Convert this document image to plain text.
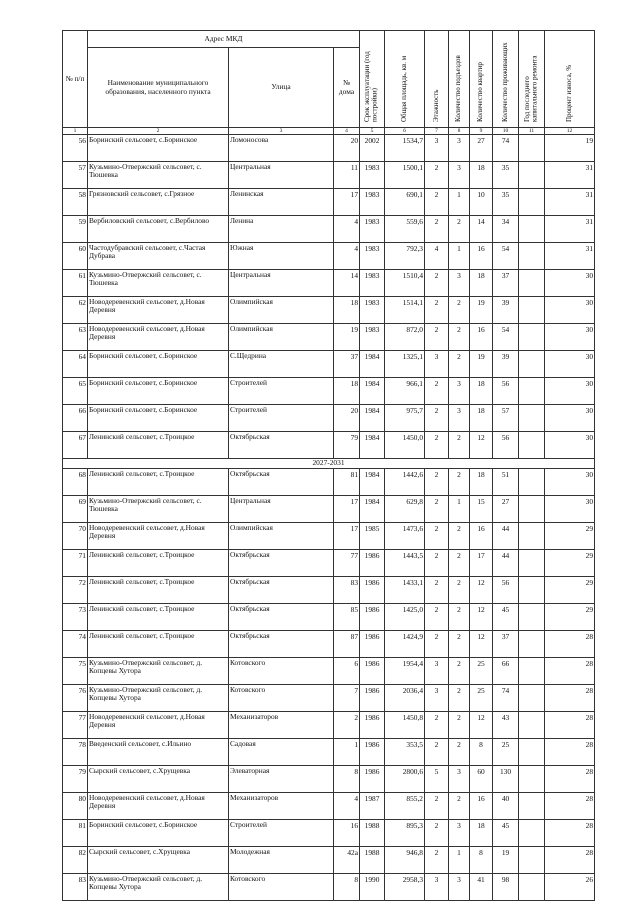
№ п/п	Адрес МКД			Срок эксплуатации (год постройки)	Общая площадь, кв. м	Этажность	Количество подъездов	Количество квартир	Количество проживающих	Год последнего капитального ремонта	Процент износа, %

	Наименование муниципального образования, населенного пункта	Улица	№ дома								
1	2	3	4	5	6	7	8	9	10	11	12
56	Боринский сельсовет, с.Боринское	Ломоносова	20	2002	1534,7	3	3	27	74		19
57	Кузьмино-Отвержский сельсовет, с. Тюшевка	Центральная	11	1983	1500,1	2	3	18	35		31
58	Грязновский сельсовет, с.Грязное	Ленинская	17	1983	690,1	2	1	10	35		31
59	Вербиловский сельсовет, с.Вербилово	Ленина	4	1983	559,6	2	2	14	34		31
60	Частодубравский сельсовет, с.Частая Дубрава	Южная	4	1983	792,3	4	1	16	54		31
61	Кузьмино-Отвержский сельсовет, с. Тюшевка	Центральная	14	1983	1510,4	2	3	18	37		30
62	Новодеревенский сельсовет, д.Новая Деревня	Олимпийская	18	1983	1514,1	2	2	19	39		30
63	Новодеревенский сельсовет, д.Новая Деревня	Олимпийская	19	1983	872,0	2	2	16	54		30
64	Боринский сельсовет, с.Боринское	С.Щедрина	37	1984	1325,1	3	2	19	39		30
65	Боринский сельсовет, с.Боринское	Строителей	18	1984	966,1	2	3	18	56		30
66	Боринский сельсовет, с.Боринское	Строителей	20	1984	975,7	2	3	18	57		30
67	Ленинский сельсовет, с.Троицкое	Октябрьская	79	1984	1450,0	2	2	12	56		30
2027-2031											
68	Ленинский сельсовет, с.Троицкое	Октябрьская	81	1984	1442,6	2	2	18	51		30
69	Кузьмино-Отвержский сельсовет, с. Тюшевка	Центральная	17	1984	629,8	2	1	15	27		30
70	Новодеревенский сельсовет, д.Новая Деревня	Олимпийская	17	1985	1473,6	2	2	16	44		29
71	Ленинский сельсовет, с.Троицкое	Октябрьская	77	1986	1443,5	2	2	17	44		29
72	Ленинский сельсовет, с.Троицкое	Октябрьская	83	1986	1433,1	2	2	12	56		29
73	Ленинский сельсовет, с.Троицкое	Октябрьская	85	1986	1425,0	2	2	12	45		29
74	Ленинский сельсовет, с.Троицкое	Октябрьская	87	1986	1424,9	2	2	12	37		28
75	Кузьмино-Отвержский сельсовет, д. Копцевы Хутора	Котовского	6	1986	1954,4	3	2	25	66		28
76	Кузьмино-Отвержский сельсовет, д. Копцевы Хутора	Котовского	7	1986	2036,4	3	2	25	74		28
77	Новодеревенский сельсовет, д.Новая Деревня	Механизаторов	2	1986	1450,8	2	2	12	43		28
78	Введенский сельсовет, с.Ильино	Садовая	1	1986	353,5	2	2	8	25		28
79	Сырский сельсовет, с.Хрущевка	Элеваторная	8	1986	2800,6	5	3	60	130		28
80	Новодеревенский сельсовет, д.Новая Деревня	Механизаторов	4	1987	855,2	2	2	16	40		28
81	Боринский сельсовет, с.Боринское	Строителей	16	1988	895,3	2	3	18	45		28
82	Сырский сельсовет, с.Хрущевка	Молодежная	42а	1988	946,8	2	1	8	19		28
83	Кузьмино-Отвержский сельсовет, д. Копцевы Хутора	Котовского	8	1990	2958,3	3	3	41	98		26
